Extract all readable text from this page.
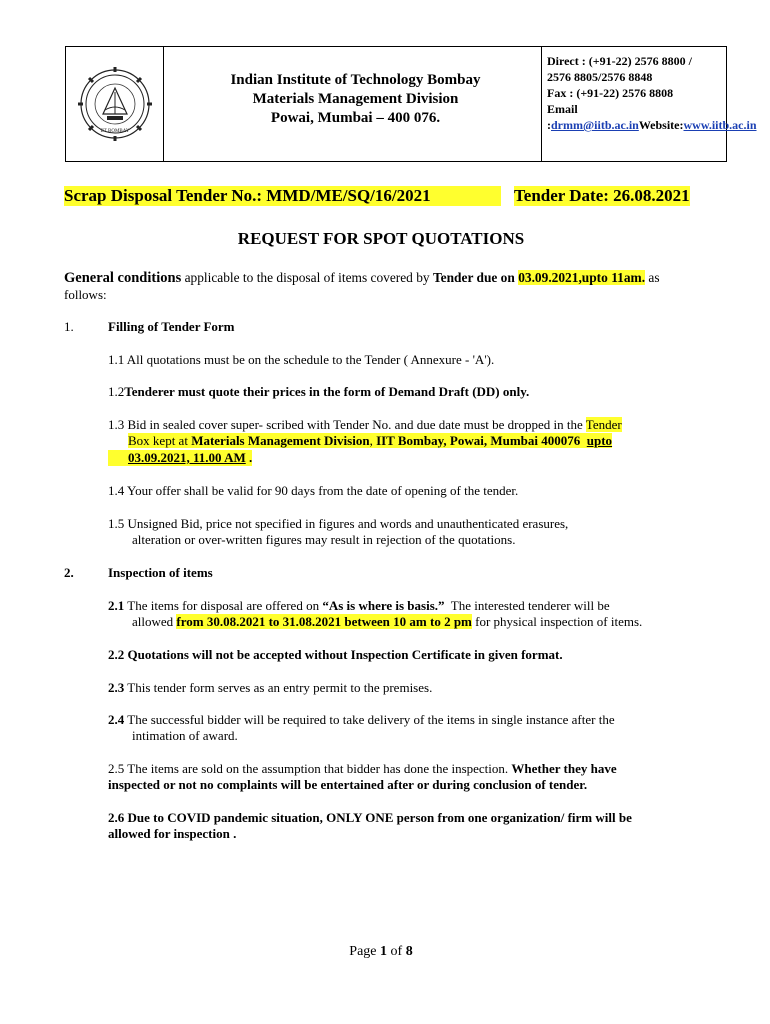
IIT BOMBAY
Indian Institute of Technology Bombay
Materials Management Division
Powai, Mumbai – 400 076.
Direct : (+91-22) 2576 8800 /
2576 8805/2576 8848
Fax : (+91-22) 2576 8808
Email
:drmm@iitb.ac.inWebsite:www.iitb.ac.in
Scrap Disposal Tender No.: MMD/ME/SQ/16/2021	Tender Date: 26.08.2021
REQUEST FOR SPOT QUOTATIONS
General conditions applicable to the disposal of items covered by Tender due on 03.09.2021,upto 11am. as
follows:
1.	Filling of Tender Form
1.1 All quotations must be on the schedule to the Tender ( Annexure - 'A').
1.2Tenderer must quote their prices in the form of Demand Draft (DD) only.
1.3 Bid in sealed cover super- scribed with Tender No. and due date must be dropped in the Tender
Box kept at Materials Management Division, IIT Bombay, Powai, Mumbai 400076 upto
03.09.2021, 11.00 AM .
1.4 Your offer shall be valid for 90 days from the date of opening of the tender.
1.5 Unsigned Bid, price not specified in figures and words and unauthenticated erasures,
alteration or over-written figures may result in rejection of the quotations.
2.	Inspection of items
2.1 The items for disposal are offered on “As is where is basis.”  The interested tenderer will be
allowed from 30.08.2021 to 31.08.2021 between 10 am to 2 pm for physical inspection of items.
2.2 Quotations will not be accepted without Inspection Certificate in given format.
2.3 This tender form serves as an entry permit to the premises.
2.4 The successful bidder will be required to take delivery of the items in single instance after the
intimation of award.
2.5 The items are sold on the assumption that bidder has done the inspection. Whether they have
inspected or not no complaints will be entertained after or during conclusion of tender.
2.6 Due to COVID pandemic situation, ONLY ONE person from one organization/ firm will be
allowed for inspection .
Page 1 of 8
